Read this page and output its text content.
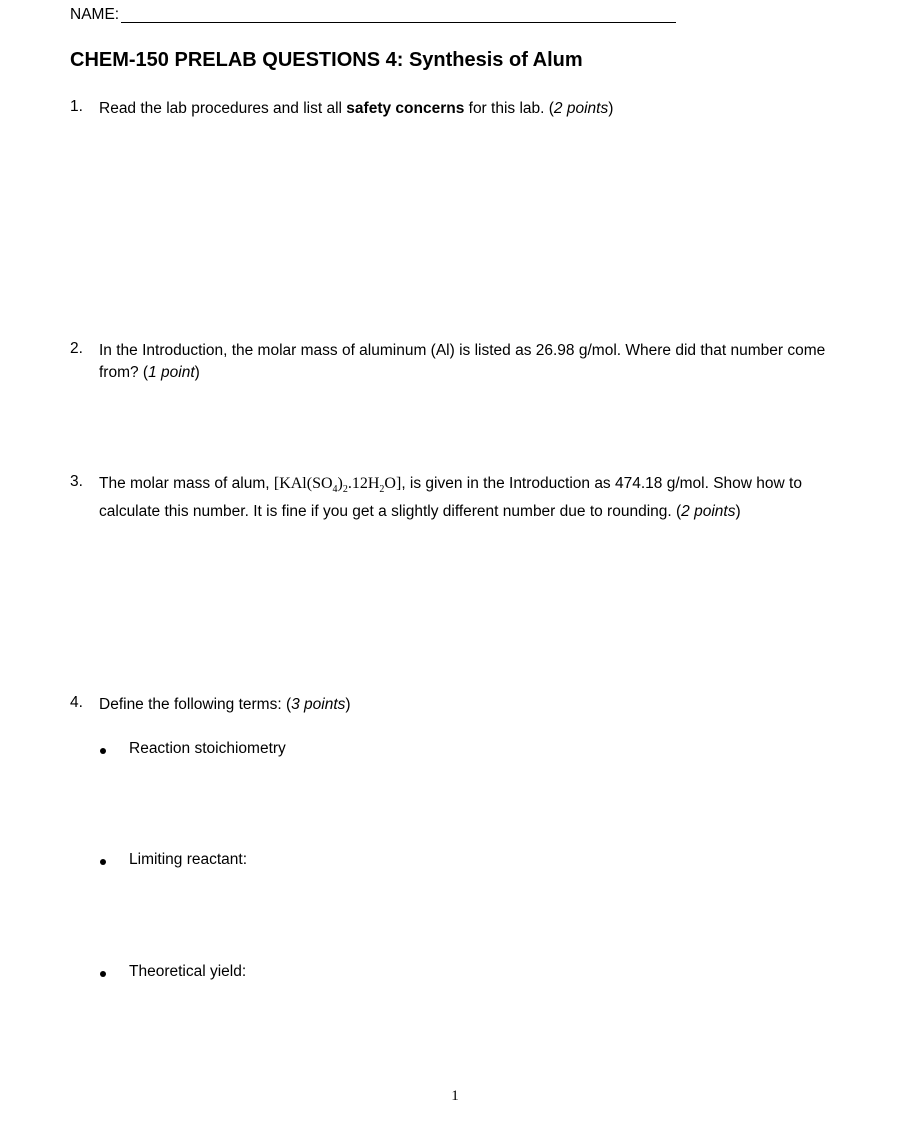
NAME:
CHEM-150 PRELAB QUESTIONS 4: Synthesis of Alum
1. Read the lab procedures and list all safety concerns for this lab. (2 points)
2. In the Introduction, the molar mass of aluminum (Al) is listed as 26.98 g/mol. Where did that number come from? (1 point)
3. The molar mass of alum, $[KAl(SO_4)_2.12H_2O]$, is given in the Introduction as 474.18 g/mol. Show how to calculate this number. It is fine if you get a slightly different number due to rounding. (2 points)
4. Define the following terms: (3 points)
Reaction stoichiometry
Limiting reactant:
Theoretical yield:
1
